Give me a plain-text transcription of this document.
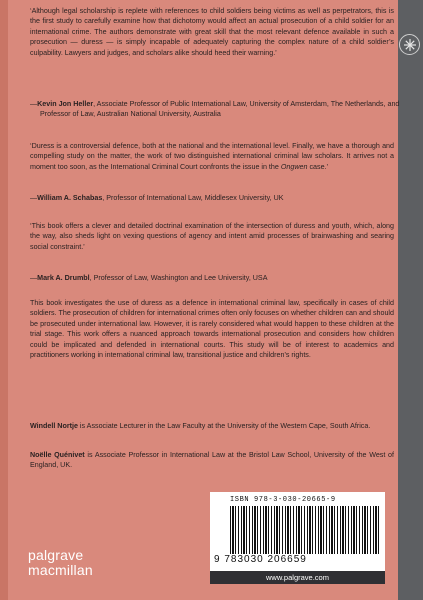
‘Although legal scholarship is replete with references to child soldiers being victims as well as perpetrators, this is the first study to carefully examine how that dichotomy would affect an actual prosecution of a child soldier for an international crime. The authors demonstrate with great skill that the most relevant defence available in such a prosecution — duress — is simply incapable of adequately capturing the complex nature of a child soldier’s culpability. Lawyers and judges, and scholars alike should heed their warning.’

—Kevin Jon Heller, Associate Professor of Public International Law, University of Amsterdam, The Netherlands, and Professor of Law, Australian National University, Australia

‘Duress is a controversial defence, both at the national and the international level. Finally, we have a thorough and compelling study on the matter, the work of two distinguished international criminal law scholars. It arrives not a moment too soon, as the International Criminal Court confronts the issue in the Ongwen case.’

—William A. Schabas, Professor of International Law, Middlesex University, UK

‘This book offers a clever and detailed doctrinal examination of the intersection of duress and youth, which, along the way, also sheds light on vexing questions of agency and intent amid processes of brainwashing and searing social constraint.’

—Mark A. Drumbl, Professor of Law, Washington and Lee University, USA

This book investigates the use of duress as a defence in international criminal law, specifically in cases of child soldiers. The prosecution of children for international crimes often only focuses on whether children can and should be prosecuted under international law. However, it is rarely considered what would happen to these children at the trial stage. This work offers a nuanced approach towards international prosecution and considers how children could be implicated and defended in international courts. This study will be of interest to academics and practitioners working in international criminal law, transitional justice and children’s rights.

Windell Nortje is Associate Lecturer in the Law Faculty at the University of the Western Cape, South Africa.

Noëlle Quénivet is Associate Professor in International Law at the Bristol Law School, University of the West of England, UK.

ISBN 978-3-030-20665-9
9 783030 206659
www.palgrave.com
palgrave
macmillan
